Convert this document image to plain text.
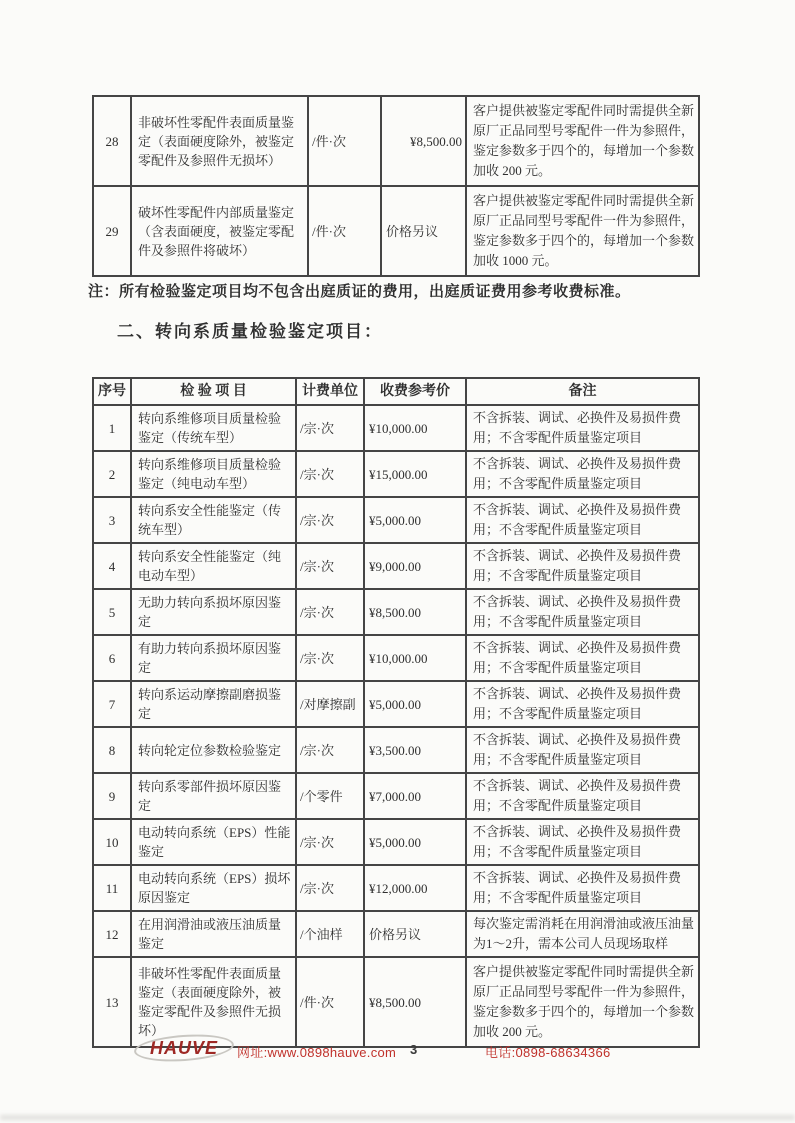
28	非破坏性零配件表面质量鉴定（表面硬度除外，被鉴定零配件及参照件无损坏）	/件·次	¥8,500.00	客户提供被鉴定零配件同时需提供全新原厂正品同型号零配件一件为参照件，鉴定参数多于四个的，每增加一个参数加收 200 元。
29	破坏性零配件内部质量鉴定（含表面硬度，被鉴定零配件及参照件将破坏）	/件·次	价格另议	客户提供被鉴定零配件同时需提供全新原厂正品同型号零配件一件为参照件，鉴定参数多于四个的，每增加一个参数加收 1000 元。
注：所有检验鉴定项目均不包含出庭质证的费用，出庭质证费用参考收费标准。
二、转向系质量检验鉴定项目：
序号	检 验 项 目	计费单位	收费参考价	备注
1	转向系维修项目质量检验鉴定（传统车型）	/宗·次	¥10,000.00	不含拆装、调试、必换件及易损件费用；不含零配件质量鉴定项目
2	转向系维修项目质量检验鉴定（纯电动车型）	/宗·次	¥15,000.00	不含拆装、调试、必换件及易损件费用；不含零配件质量鉴定项目
3	转向系安全性能鉴定（传统车型）	/宗·次	¥5,000.00	不含拆装、调试、必换件及易损件费用；不含零配件质量鉴定项目
4	转向系安全性能鉴定（纯电动车型）	/宗·次	¥9,000.00	不含拆装、调试、必换件及易损件费用；不含零配件质量鉴定项目
5	无助力转向系损坏原因鉴定	/宗·次	¥8,500.00	不含拆装、调试、必换件及易损件费用；不含零配件质量鉴定项目
6	有助力转向系损坏原因鉴定	/宗·次	¥10,000.00	不含拆装、调试、必换件及易损件费用；不含零配件质量鉴定项目
7	转向系运动摩擦副磨损鉴定	/对摩擦副	¥5,000.00	不含拆装、调试、必换件及易损件费用；不含零配件质量鉴定项目
8	转向轮定位参数检验鉴定	/宗·次	¥3,500.00	不含拆装、调试、必换件及易损件费用；不含零配件质量鉴定项目
9	转向系零部件损坏原因鉴定	/个零件	¥7,000.00	不含拆装、调试、必换件及易损件费用；不含零配件质量鉴定项目
10	电动转向系统（EPS）性能鉴定	/宗·次	¥5,000.00	不含拆装、调试、必换件及易损件费用；不含零配件质量鉴定项目
11	电动转向系统（EPS）损坏原因鉴定	/宗·次	¥12,000.00	不含拆装、调试、必换件及易损件费用；不含零配件质量鉴定项目
12	在用润滑油或液压油质量鉴定	/个油样	价格另议	每次鉴定需消耗在用润滑油或液压油量为1～2升，需本公司人员现场取样
13	非破坏性零配件表面质量鉴定（表面硬度除外，被鉴定零配件及参照件无损坏）	/件·次	¥8,500.00	客户提供被鉴定零配件同时需提供全新原厂正品同型号零配件一件为参照件，鉴定参数多于四个的，每增加一个参数加收 200 元。
HAUVE	网址:www.0898hauve.com 3	电话:0898-68634366
